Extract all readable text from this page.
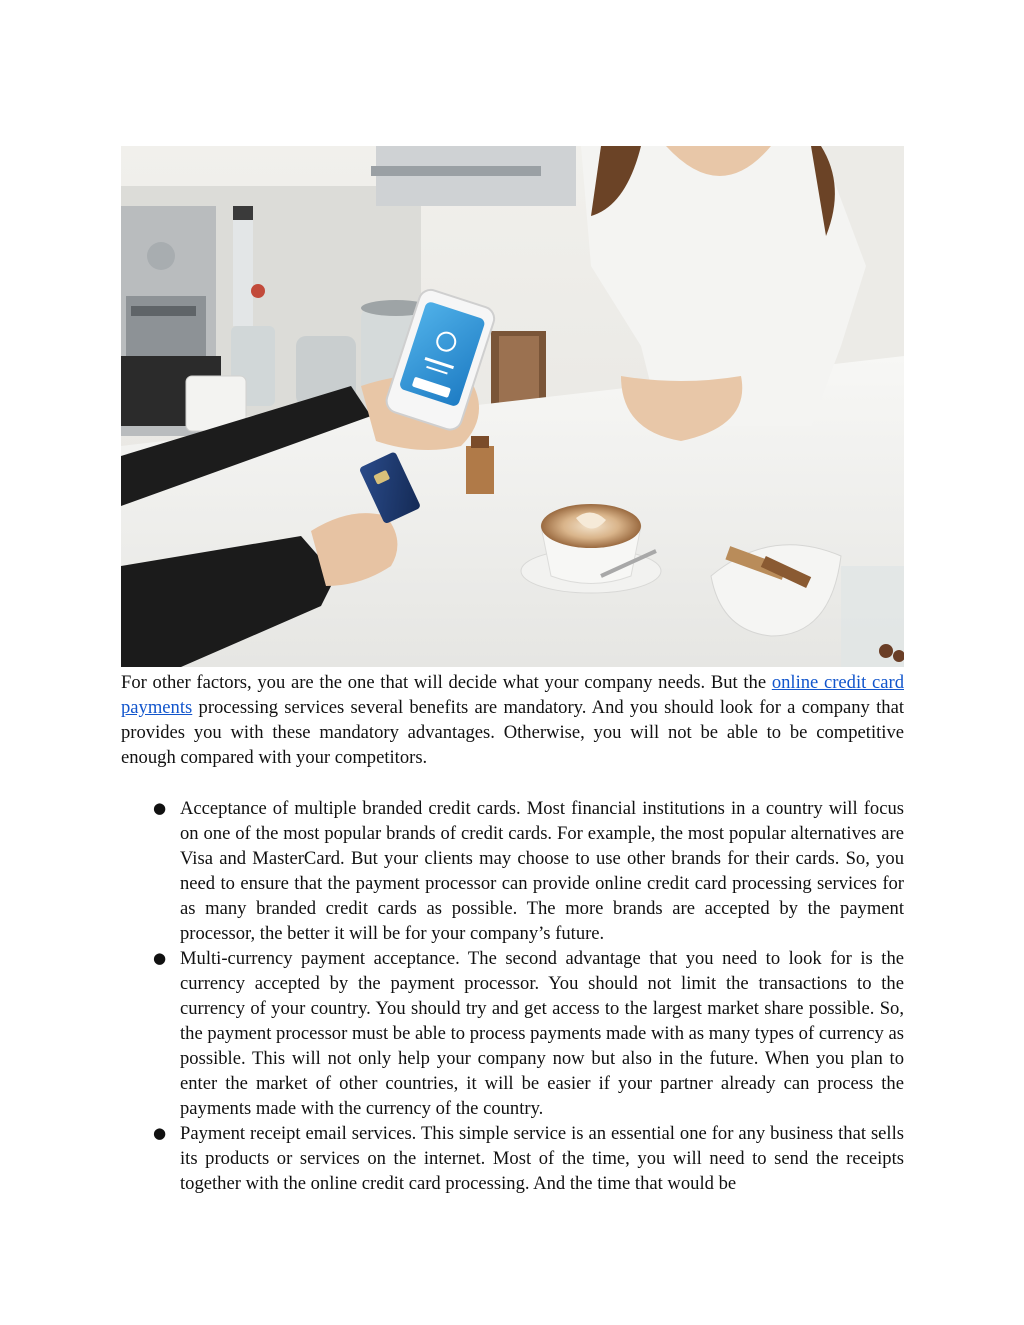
For other factors, you are the one that will decide what your company needs. But the online credit card payments processing services several benefits are mandatory. And you should look for a company that provides you with these mandatory advantages. Otherwise, you will not be able to be competitive enough compared with your competitors.

● Acceptance of multiple branded credit cards. Most financial institutions in a country will focus on one of the most popular brands of credit cards. For example, the most popular alternatives are Visa and MasterCard. But your clients may choose to use other brands for their cards. So, you need to ensure that the payment processor can provide online credit card processing services for as many branded credit cards as possible. The more brands are accepted by the payment processor, the better it will be for your company’s future.
● Multi-currency payment acceptance. The second advantage that you need to look for is the currency accepted by the payment processor. You should not limit the transactions to the currency of your country. You should try and get access to the largest market share possible. So, the payment processor must be able to process payments made with as many types of currency as possible. This will not only help your company now but also in the future. When you plan to enter the market of other countries, it will be easier if your partner already can process the payments made with the currency of the country.
● Payment receipt email services. This simple service is an essential one for any business that sells its products or services on the internet. Most of the time, you will need to send the receipts together with the online credit card processing. And the time that would be
